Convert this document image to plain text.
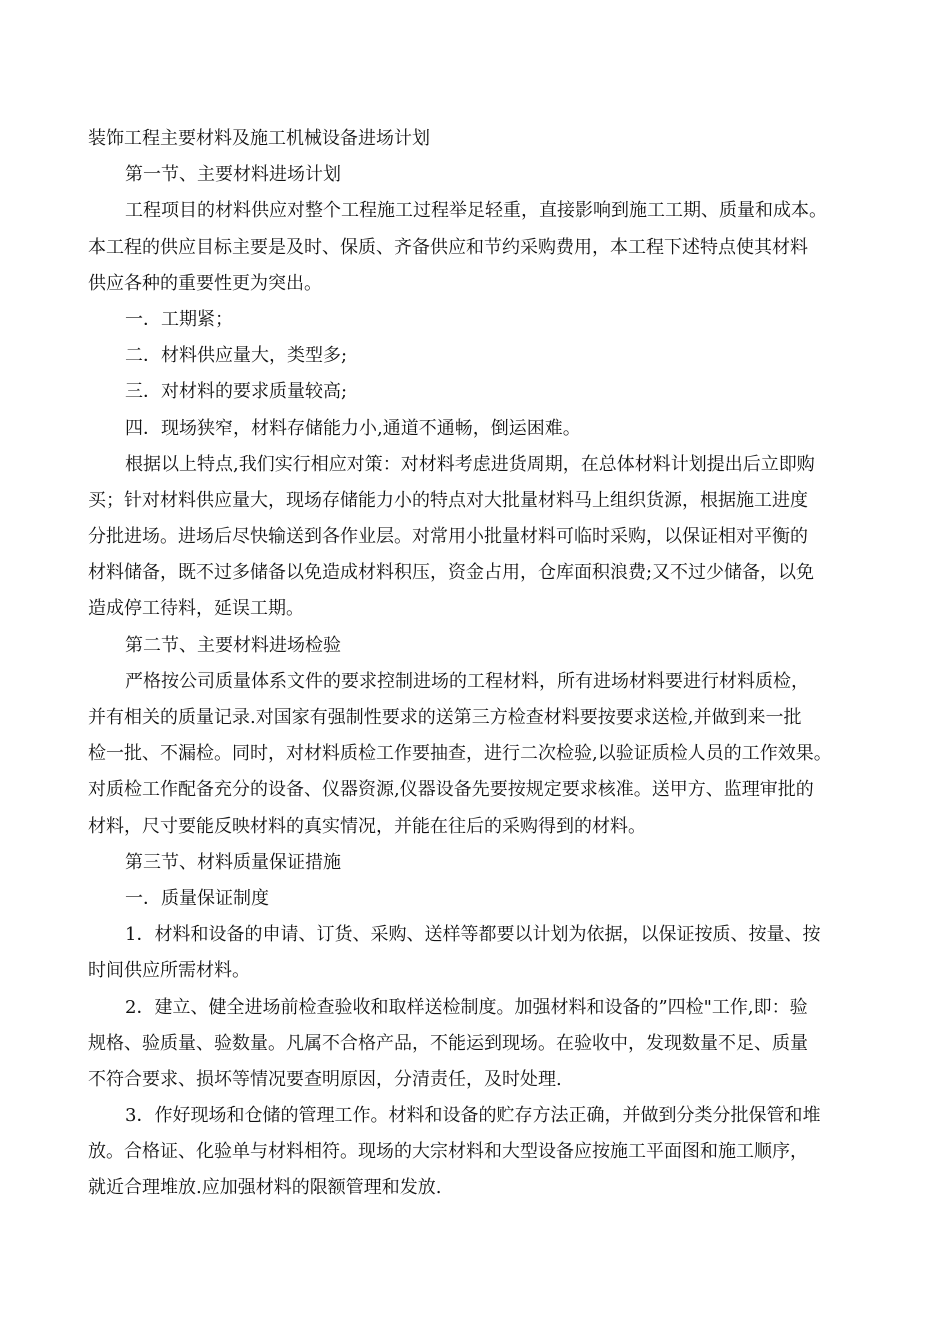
装饰工程主要材料及施工机械设备进场计划
第一节、主要材料进场计划
工程项目的材料供应对整个工程施工过程举足轻重，直接影响到施工工期、质量和成本。
本工程的供应目标主要是及时、保质、齐备供应和节约采购费用，本工程下述特点使其材料
供应各种的重要性更为突出。
一．工期紧；
二．材料供应量大，类型多;
三．对材料的要求质量较高;
四．现场狭窄，材料存储能力小,通道不通畅，倒运困难。
根据以上特点,我们实行相应对策：对材料考虑进货周期，在总体材料计划提出后立即购
买；针对材料供应量大，现场存储能力小的特点对大批量材料马上组织货源，根据施工进度
分批进场。进场后尽快输送到各作业层。对常用小批量材料可临时采购，以保证相对平衡的
材料储备，既不过多储备以免造成材料积压，资金占用，仓库面积浪费;又不过少储备，以免
造成停工待料，延误工期。
第二节、主要材料进场检验
严格按公司质量体系文件的要求控制进场的工程材料，所有进场材料要进行材料质检，
并有相关的质量记录.对国家有强制性要求的送第三方检查材料要按要求送检,并做到来一批
检一批、不漏检。同时，对材料质检工作要抽查，进行二次检验,以验证质检人员的工作效果。
对质检工作配备充分的设备、仪器资源,仪器设备先要按规定要求核准。送甲方、监理审批的
材料，尺寸要能反映材料的真实情况，并能在往后的采购得到的材料。
第三节、材料质量保证措施
一．质量保证制度
1．材料和设备的申请、订货、采购、送样等都要以计划为依据，以保证按质、按量、按
时间供应所需材料。
2．建立、健全进场前检查验收和取样送检制度。加强材料和设备的”四检"工作,即：验
规格、验质量、验数量。凡属不合格产品，不能运到现场。在验收中，发现数量不足、质量
不符合要求、损坏等情况要查明原因，分清责任，及时处理.
3．作好现场和仓储的管理工作。材料和设备的贮存方法正确，并做到分类分批保管和堆
放。合格证、化验单与材料相符。现场的大宗材料和大型设备应按施工平面图和施工顺序，
就近合理堆放.应加强材料的限额管理和发放.
